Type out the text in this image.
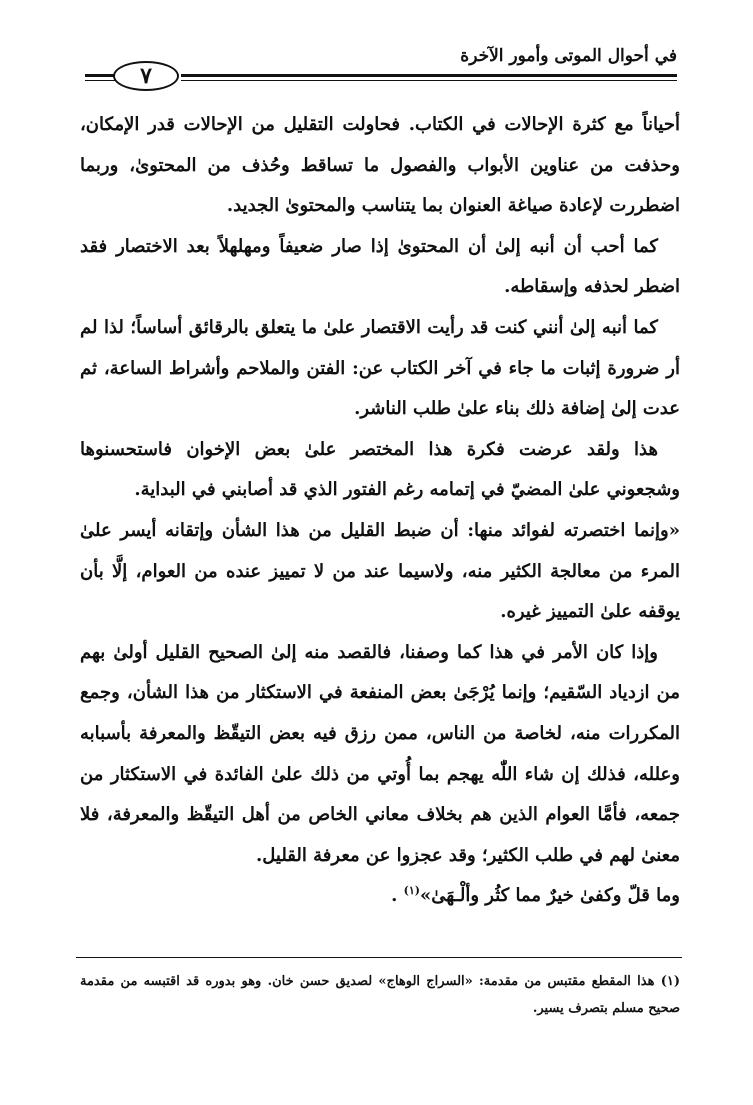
في أحوال الموتى وأمور الآخرة
٧

أحياناً مع كثرة الإحالات في الكتاب. فحاولت التقليل من الإحالات قدر الإمكان، وحذفت من عناوين الأبواب والفصول ما تساقط وحُذف من المحتوىٰ، وربما اضطررت لإعادة صياغة العنوان بما يتناسب والمحتوىٰ الجديد.

كما أحب أن أنبه إلىٰ أن المحتوىٰ إذا صار ضعيفاً ومهلهلاً بعد الاختصار فقد اضطر لحذفه وإسقاطه.

كما أنبه إلىٰ أنني كنت قد رأيت الاقتصار علىٰ ما يتعلق بالرقائق أساساً؛ لذا لم أر ضرورة إثبات ما جاء في آخر الكتاب عن: الفتن والملاحم وأشراط الساعة، ثم عدت إلىٰ إضافة ذلك بناء علىٰ طلب الناشر.

هذا ولقد عرضت فكرة هذا المختصر علىٰ بعض الإخوان فاستحسنوها وشجعوني علىٰ المضيّ في إتمامه رغم الفتور الذي قد أصابني في البداية.

«وإنما اختصرته لفوائد منها: أن ضبط القليل من هذا الشأن وإتقانه أيسر علىٰ المرء من معالجة الكثير منه، ولاسيما عند من لا تمييز عنده من العوام، إلَّا بأن يوقفه علىٰ التمييز غيره.

وإذا كان الأمر في هذا كما وصفنا، فالقصد منه إلىٰ الصحيح القليل أولىٰ بهم من ازدياد السّقيم؛ وإنما يُرْجَىٰ بعض المنفعة في الاستكثار من هذا الشأن، وجمع المكررات منه، لخاصة من الناس، ممن رزق فيه بعض التيقّظ والمعرفة بأسبابه وعلله، فذلك إن شاء اللّٰه يهجم بما أُوتي من ذلك علىٰ الفائدة في الاستكثار من جمعه، فأمَّا العوام الذين هم بخلاف معاني الخاص من أهل التيقّظ والمعرفة، فلا معنىٰ لهم في طلب الكثير؛ وقد عجزوا عن معرفة القليل.

وما قلّ وكفىٰ خيرٌ مما كثُر وألْـهَىٰ»$^{(١)}$ .

(١) هذا المقطع مقتبس من مقدمة: «السراج الوهاج» لصديق حسن خان. وهو بدوره قد اقتبسه من مقدمة صحيح مسلم بتصرف يسير.
